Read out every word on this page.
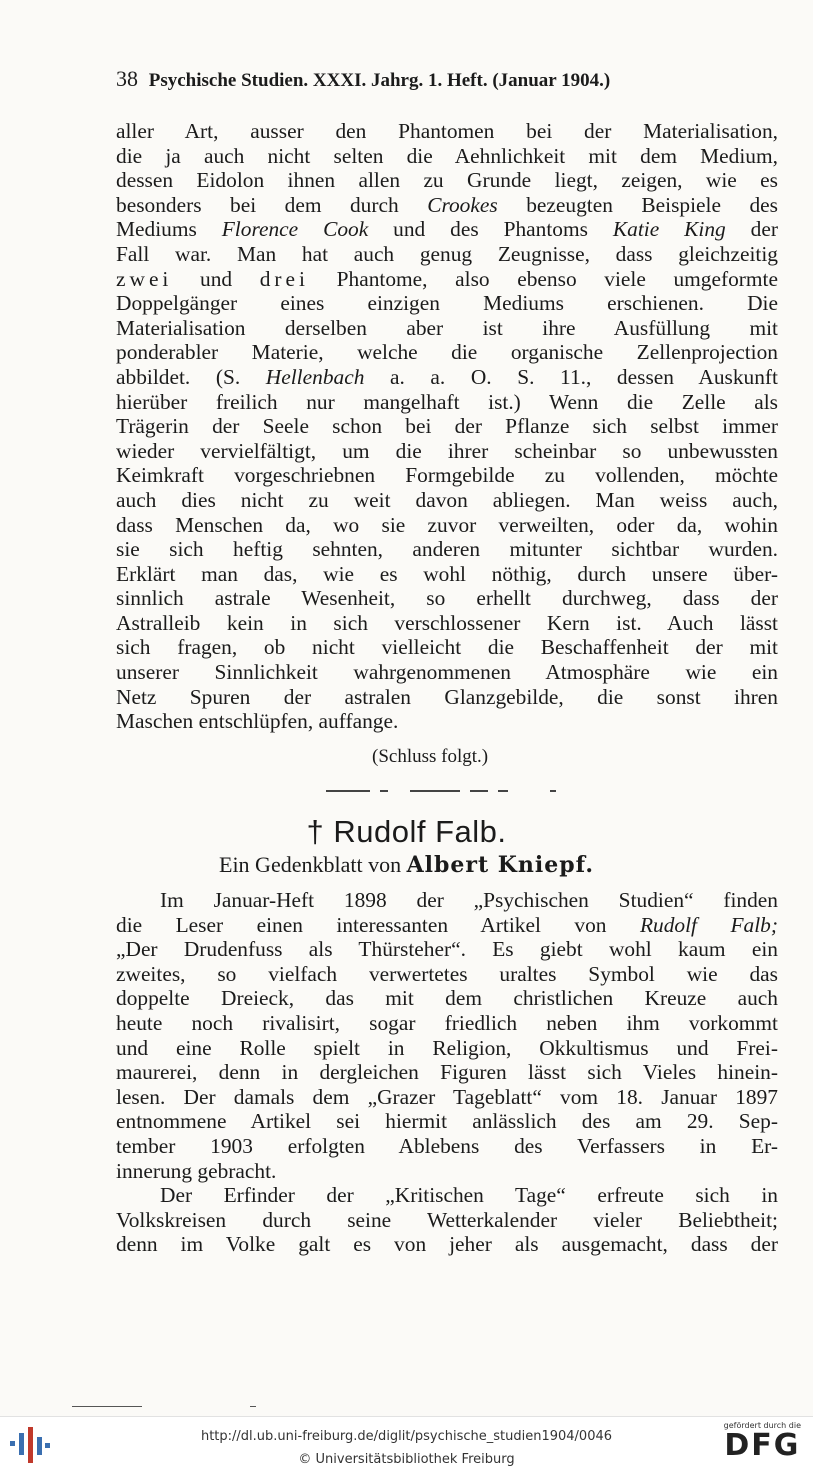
38 Psychische Studien. XXXI. Jahrg. 1. Heft. (Januar 1904.)
aller Art, ausser den Phantomen bei der Materialisation,
die ja auch nicht selten die Aehnlichkeit mit dem Medium,
dessen Eidolon ihnen allen zu Grunde liegt, zeigen, wie es
besonders bei dem durch Crookes bezeugten Beispiele des
Mediums Florence Cook und des Phantoms Katie King der
Fall war. Man hat auch genug Zeugnisse, dass gleichzeitig
zwei und drei Phantome, also ebenso viele umgeformte
Doppelgänger eines einzigen Mediums erschienen. Die
Materialisation derselben aber ist ihre Ausfüllung mit
ponderabler Materie, welche die organische Zellenprojection
abbildet. (S. Hellenbach a. a. O. S. 11., dessen Auskunft
hierüber freilich nur mangelhaft ist.) Wenn die Zelle als
Trägerin der Seele schon bei der Pflanze sich selbst immer
wieder vervielfältigt, um die ihrer scheinbar so unbewussten
Keimkraft vorgeschriebnen Formgebilde zu vollenden, möchte
auch dies nicht zu weit davon abliegen. Man weiss auch,
dass Menschen da, wo sie zuvor verweilten, oder da, wohin
sie sich heftig sehnten, anderen mitunter sichtbar wurden.
Erklärt man das, wie es wohl nöthig, durch unsere über-
sinnlich astrale Wesenheit, so erhellt durchweg, dass der
Astralleib kein in sich verschlossener Kern ist. Auch lässt
sich fragen, ob nicht vielleicht die Beschaffenheit der mit
unserer Sinnlichkeit wahrgenommenen Atmosphäre wie ein
Netz Spuren der astralen Glanzgebilde, die sonst ihren
Maschen entschlüpfen, auffange.
(Schluss folgt.)
† Rudolf Falb.
Ein Gedenkblatt von Albert Kniepf.
Im Januar-Heft 1898 der „Psychischen Studien“ finden
die Leser einen interessanten Artikel von Rudolf Falb;
„Der Drudenfuss als Thürsteher“. Es giebt wohl kaum ein
zweites, so vielfach verwertetes uraltes Symbol wie das
doppelte Dreieck, das mit dem christlichen Kreuze auch
heute noch rivalisirt, sogar friedlich neben ihm vorkommt
und eine Rolle spielt in Religion, Okkultismus und Frei-
maurerei, denn in dergleichen Figuren lässt sich Vieles hinein-
lesen. Der damals dem „Grazer Tageblatt“ vom 18. Januar 1897
entnommene Artikel sei hiermit anlässlich des am 29. Sep-
tember 1903 erfolgten Ablebens des Verfassers in Er-
innerung gebracht.
Der Erfinder der „Kritischen Tage“ erfreute sich in
Volkskreisen durch seine Wetterkalender vieler Beliebtheit;
denn im Volke galt es von jeher als ausgemacht, dass der
http://dl.ub.uni-freiburg.de/diglit/psychische_studien1904/0046
© Universitätsbibliothek Freiburg
gefördert durch die
DFG
